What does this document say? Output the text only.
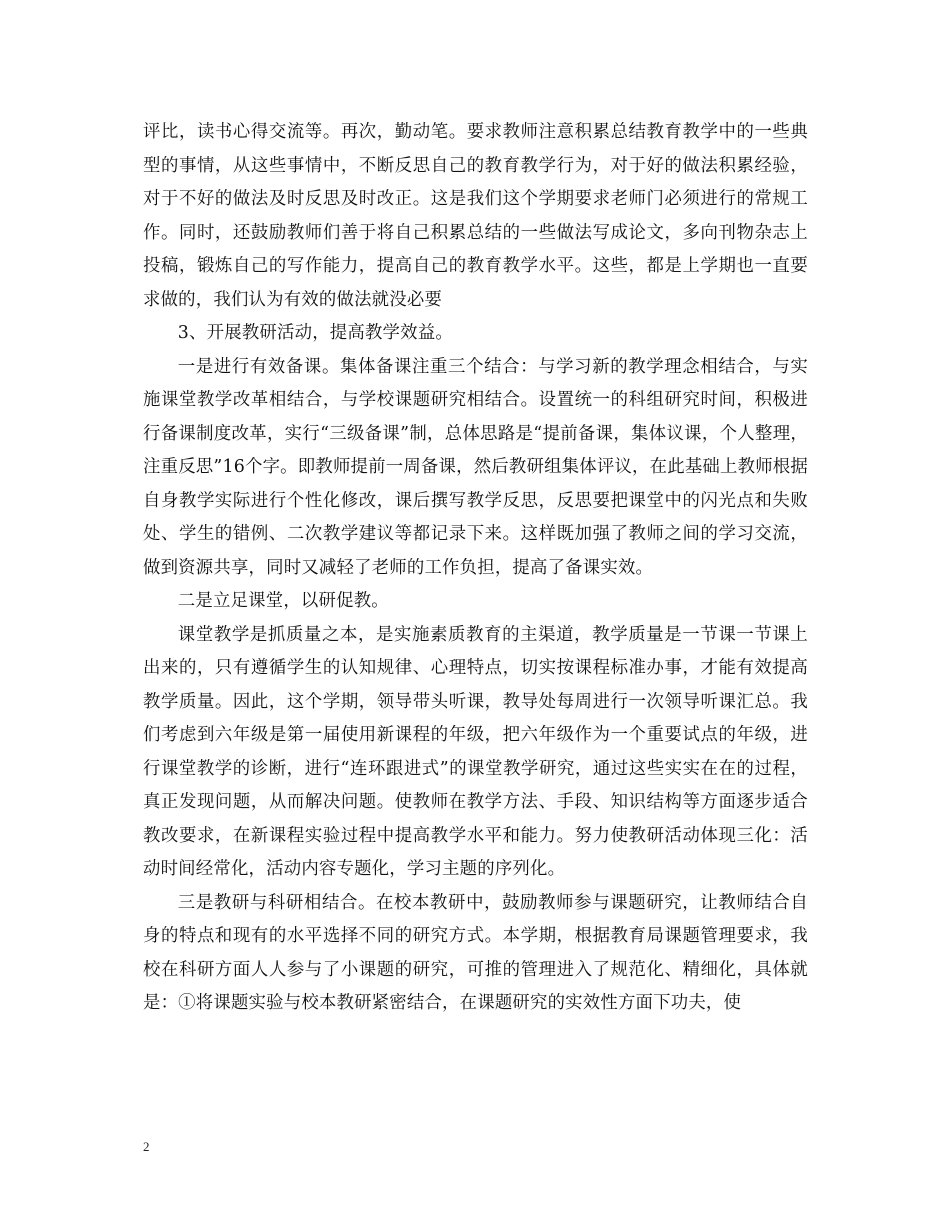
评比，读书心得交流等。再次，勤动笔。要求教师注意积累总结教育教学中的一些典型的事情，从这些事情中，不断反思自己的教育教学行为，对于好的做法积累经验，对于不好的做法及时反思及时改正。这是我们这个学期要求老师门必须进行的常规工作。同时，还鼓励教师们善于将自己积累总结的一些做法写成论文，多向刊物杂志上投稿，锻炼自己的写作能力，提高自己的教育教学水平。这些，都是上学期也一直要求做的，我们认为有效的做法就没必要

3、开展教研活动，提高教学效益。

一是进行有效备课。集体备课注重三个结合：与学习新的教学理念相结合，与实施课堂教学改革相结合，与学校课题研究相结合。设置统一的科组研究时间，积极进行备课制度改革，实行“三级备课”制，总体思路是“提前备课，集体议课，个人整理，注重反思”16个字。即教师提前一周备课，然后教研组集体评议，在此基础上教师根据自身教学实际进行个性化修改，课后撰写教学反思，反思要把课堂中的闪光点和失败处、学生的错例、二次教学建议等都记录下来。这样既加强了教师之间的学习交流，做到资源共享，同时又减轻了老师的工作负担，提高了备课实效。

二是立足课堂，以研促教。

课堂教学是抓质量之本，是实施素质教育的主渠道，教学质量是一节课一节课上出来的，只有遵循学生的认知规律、心理特点，切实按课程标准办事，才能有效提高教学质量。因此，这个学期，领导带头听课，教导处每周进行一次领导听课汇总。我们考虑到六年级是第一届使用新课程的年级，把六年级作为一个重要试点的年级，进行课堂教学的诊断，进行“连环跟进式”的课堂教学研究，通过这些实实在在的过程，真正发现问题，从而解决问题。使教师在教学方法、手段、知识结构等方面逐步适合教改要求，在新课程实验过程中提高教学水平和能力。努力使教研活动体现三化：活动时间经常化，活动内容专题化，学习主题的序列化。

三是教研与科研相结合。在校本教研中，鼓励教师参与课题研究，让教师结合自身的特点和现有的水平选择不同的研究方式。本学期，根据教育局课题管理要求，我校在科研方面人人参与了小课题的研究，可推的管理进入了规范化、精细化，具体就是：①将课题实验与校本教研紧密结合，在课题研究的实效性方面下功夫，使

2
